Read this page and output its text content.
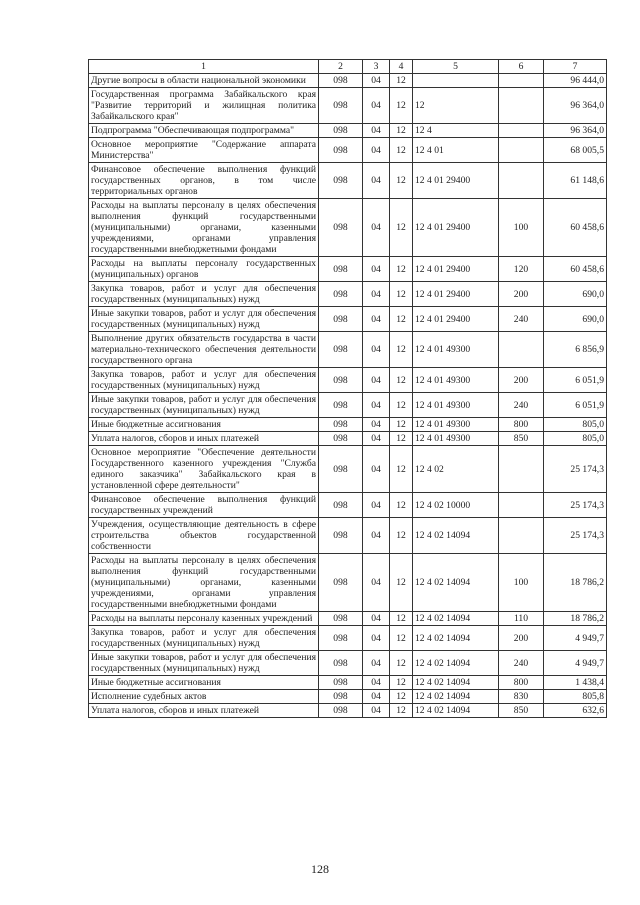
1	2	3	4	5	6	7
Другие вопросы в области национальной экономики	098	04	12			96 444,0
Государственная программа Забайкальского края "Развитие территорий и жилищная политика Забайкальского края"	098	04	12	12		96 364,0
Подпрограмма "Обеспечивающая подпрограмма"	098	04	12	12 4		96 364,0
Основное мероприятие "Содержание аппарата Министерства"	098	04	12	12 4 01		68 005,5
Финансовое обеспечение выполнения функций государственных органов, в том числе территориальных органов	098	04	12	12 4 01 29400		61 148,6
Расходы на выплаты персоналу в целях обеспечения выполнения функций государственными (муниципальными) органами, казенными учреждениями, органами управления государственными внебюджетными фондами	098	04	12	12 4 01 29400	100	60 458,6
Расходы на выплаты персоналу государственных (муниципальных) органов	098	04	12	12 4 01 29400	120	60 458,6
Закупка товаров, работ и услуг для обеспечения государственных (муниципальных) нужд	098	04	12	12 4 01 29400	200	690,0
Иные закупки товаров, работ и услуг для обеспечения государственных (муниципальных) нужд	098	04	12	12 4 01 29400	240	690,0
Выполнение других обязательств государства в части материально-технического обеспечения деятельности государственного органа	098	04	12	12 4 01 49300		6 856,9
Закупка товаров, работ и услуг для обеспечения государственных (муниципальных) нужд	098	04	12	12 4 01 49300	200	6 051,9
Иные закупки товаров, работ и услуг для обеспечения государственных (муниципальных) нужд	098	04	12	12 4 01 49300	240	6 051,9
Иные бюджетные ассигнования	098	04	12	12 4 01 49300	800	805,0
Уплата налогов, сборов и иных платежей	098	04	12	12 4 01 49300	850	805,0
Основное мероприятие "Обеспечение деятельности Государственного казенного учреждения "Служба единого заказчика" Забайкальского края в установленной сфере деятельности"	098	04	12	12 4 02		25 174,3
Финансовое обеспечение выполнения функций государственных учреждений	098	04	12	12 4 02 10000		25 174,3
Учреждения, осуществляющие деятельность в сфере строительства объектов государственной собственности	098	04	12	12 4 02 14094		25 174,3
Расходы на выплаты персоналу в целях обеспечения выполнения функций государственными (муниципальными) органами, казенными учреждениями, органами управления государственными внебюджетными фондами	098	04	12	12 4 02 14094	100	18 786,2
Расходы на выплаты персоналу казенных учреждений	098	04	12	12 4 02 14094	110	18 786,2
Закупка товаров, работ и услуг для обеспечения государственных (муниципальных) нужд	098	04	12	12 4 02 14094	200	4 949,7
Иные закупки товаров, работ и услуг для обеспечения государственных (муниципальных) нужд	098	04	12	12 4 02 14094	240	4 949,7
Иные бюджетные ассигнования	098	04	12	12 4 02 14094	800	1 438,4
Исполнение судебных актов	098	04	12	12 4 02 14094	830	805,8
Уплата налогов, сборов и иных платежей	098	04	12	12 4 02 14094	850	632,6
128
